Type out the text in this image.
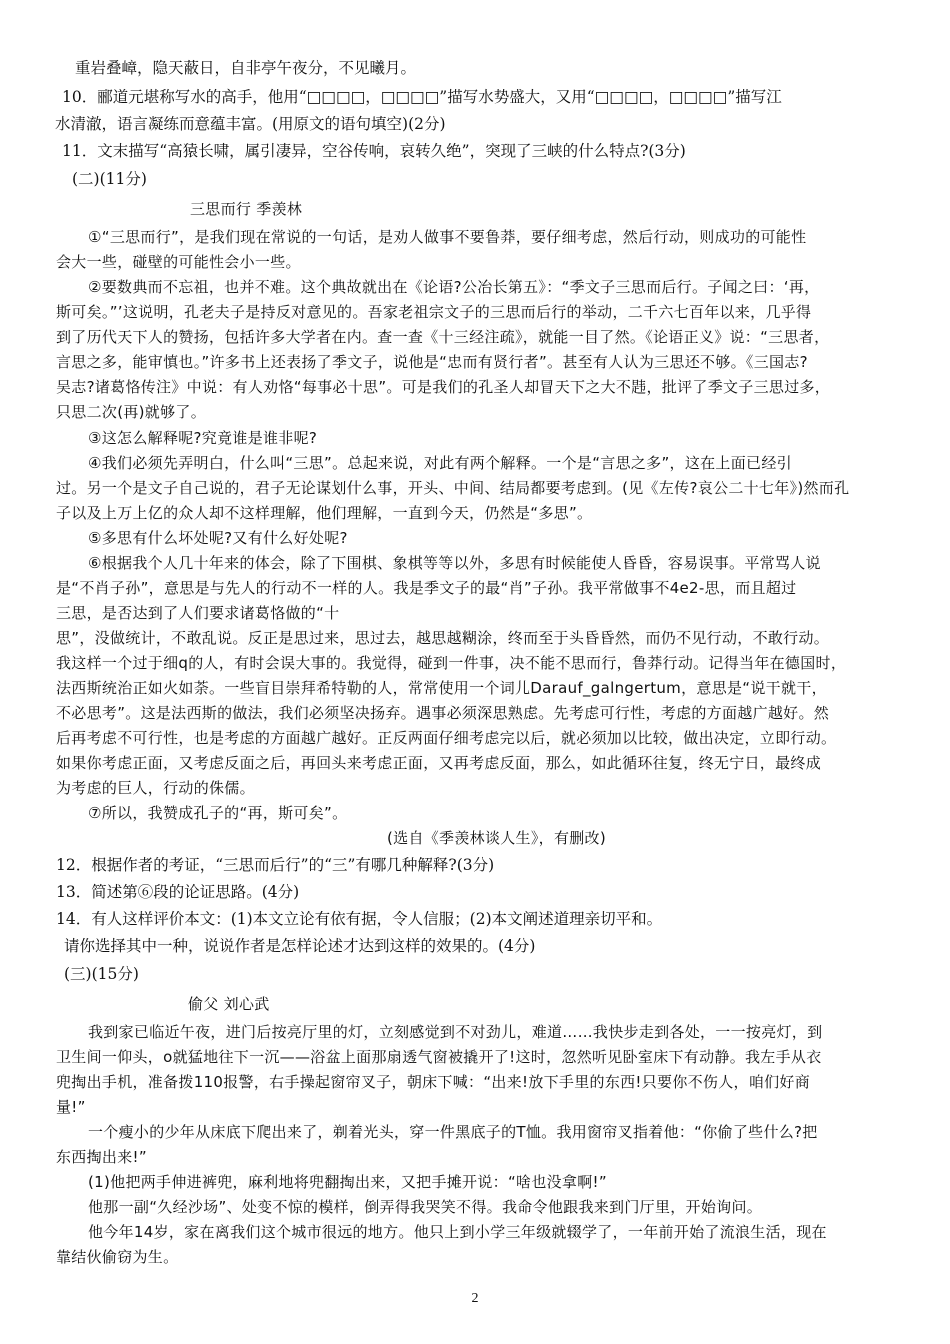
重岩叠嶂，隐天蔽日，自非亭午夜分，不见曦月。
10．郦道元堪称写水的高手，他用“□□□□，□□□□”描写水势盛大，又用“□□□□，□□□□”描写江
水清澈，语言凝练而意蕴丰富。(用原文的语句填空)(2分)
11．文末描写“高猿长啸，属引凄异，空谷传响，哀转久绝”，突现了三峡的什么特点?(3分)
(二)(11分)
三思而行 季羡林
①“三思而行”，是我们现在常说的一句话，是劝人做事不要鲁莽，要仔细考虑，然后行动，则成功的可能性
会大一些，碰壁的可能性会小一些。
②要数典而不忘祖，也并不难。这个典故就出在《论语?公冶长第五》：“季文子三思而后行。子闻之曰：‘再，
斯可矣。”’这说明，孔老夫子是持反对意见的。吾家老祖宗文子的三思而后行的举动，二千六七百年以来，几乎得
到了历代天下人的赞扬，包括许多大学者在内。查一查《十三经注疏》，就能一目了然。《论语正义》说：“三思者，
言思之多，能审慎也。”许多书上还表扬了季文子，说他是“忠而有贤行者”。甚至有人认为三思还不够。《三国志?
吴志?诸葛恪传注》中说：有人劝恪“每事必十思”。可是我们的孔圣人却冒天下之大不韪，批评了季文子三思过多，
只思二次(再)就够了。
③这怎么解释呢?究竟谁是谁非呢?
④我们必须先弄明白，什么叫“三思”。总起来说，对此有两个解释。一个是“言思之多”，这在上面已经引
过。另一个是文子自己说的，君子无论谋划什么事，开头、中间、结局都要考虑到。(见《左传?哀公二十七年》)然而孔
子以及上万上亿的众人却不这样理解，他们理解，一直到今天，仍然是“多思”。
⑤多思有什么坏处呢?又有什么好处呢?
⑥根据我个人几十年来的体会，除了下围棋、象棋等等以外，多思有时候能使人昏昏，容易误事。平常骂人说
是“不肖子孙”，意思是与先人的行动不一样的人。我是季文子的最“肖”子孙。我平常做事不4e2-思，而且超过
三思，是否达到了人们要求诸葛恪做的“十
思”，没做统计，不敢乱说。反正是思过来，思过去，越思越糊涂，终而至于头昏昏然，而仍不见行动，不敢行动。
我这样一个过于细q的人，有时会误大事的。我觉得，碰到一件事，决不能不思而行，鲁莽行动。记得当年在德国时，
法西斯统治正如火如荼。一些盲目崇拜希特勒的人，常常使用一个词儿Darauf_galngertum，意思是“说干就干，
不必思考”。这是法西斯的做法，我们必须坚决扬弃。遇事必须深思熟虑。先考虑可行性，考虑的方面越广越好。然
后再考虑不可行性，也是考虑的方面越广越好。正反两面仔细考虑完以后，就必须加以比较，做出决定，立即行动。
如果你考虑正面，又考虑反面之后，再回头来考虑正面，又再考虑反面，那么，如此循环往复，终无宁日，最终成
为考虑的巨人，行动的侏儒。
⑦所以，我赞成孔子的“再，斯可矣”。
(选自《季羡林谈人生》，有删改)
12．根据作者的考证，“三思而后行”的“三”有哪几种解释?(3分)
13．简述第⑥段的论证思路。(4分)
14．有人这样评价本文：(1)本文立论有依有据，令人信服；(2)本文阐述道理亲切平和。
请你选择其中一种，说说作者是怎样论述才达到这样的效果的。(4分)
(三)(15分)
偷父 刘心武
我到家已临近午夜，进门后按亮厅里的灯，立刻感觉到不对劲儿，难道……我快步走到各处，一一按亮灯，到
卫生间一仰头，o就猛地往下一沉——浴盆上面那扇透气窗被撬开了!这时，忽然听见卧室床下有动静。我左手从衣
兜掏出手机，准备拨110报警，右手操起窗帘叉子，朝床下喊：“出来!放下手里的东西!只要你不伤人，咱们好商
量!”
一个瘦小的少年从床底下爬出来了，剃着光头，穿一件黑底子的T恤。我用窗帘叉指着他：“你偷了些什么?把
东西掏出来!”
(1)他把两手伸进裤兜，麻利地将兜翻掏出来，又把手摊开说：“啥也没拿啊!”
他那一副“久经沙场”、处变不惊的模样，倒弄得我哭笑不得。我命令他跟我来到门厅里，开始询问。
他今年14岁，家在离我们这个城市很远的地方。他只上到小学三年级就辍学了，一年前开始了流浪生活，现在
靠结伙偷窃为生。
2
